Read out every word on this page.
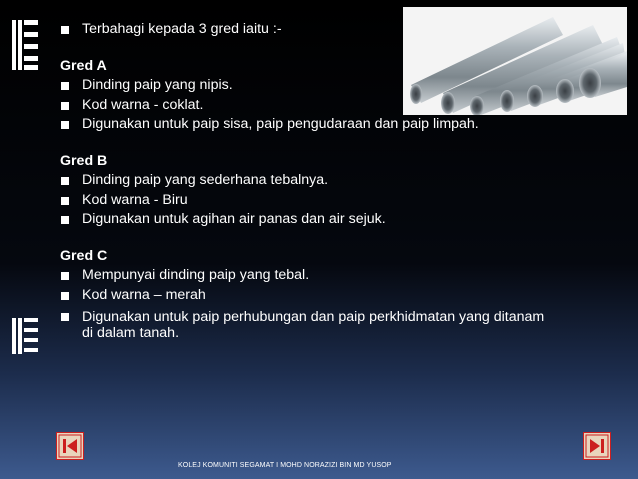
Terbahagi kepada 3 gred iaitu :-
Gred A
Dinding paip yang nipis.
Kod warna - coklat.
Digunakan untuk paip sisa, paip pengudaraan dan paip limpah.
Gred B
Dinding paip yang sederhana tebalnya.
Kod warna - Biru
Digunakan untuk agihan air panas dan air sejuk.
Gred C
Mempunyai dinding paip yang tebal.
Kod warna – merah
Digunakan untuk paip perhubungan dan paip perkhidmatan yang ditanam di dalam tanah.
KOLEJ KOMUNITI SEGAMAT I MOHD NORAZIZI BIN MD YUSOP
